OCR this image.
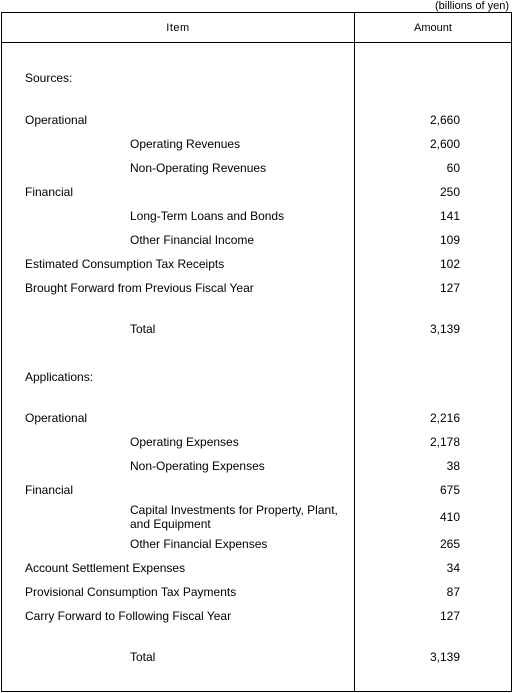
(billions of yen)
Item	Amount
Sources:
Operational	2,660
Operating Revenues	2,600
Non-Operating Revenues	60
Financial	250
Long-Term Loans and Bonds	141
Other Financial Income	109
Estimated Consumption Tax Receipts	102
Brought Forward from Previous Fiscal Year	127
Total	3,139
Applications:
Operational	2,216
Operating Expenses	2,178
Non-Operating Expenses	38
Financial	675
Capital Investments for Property, Plant,
and Equipment	410
Other Financial Expenses	265
Account Settlement Expenses	34
Provisional Consumption Tax Payments	87
Carry Forward to Following Fiscal Year	127
Total	3,139
